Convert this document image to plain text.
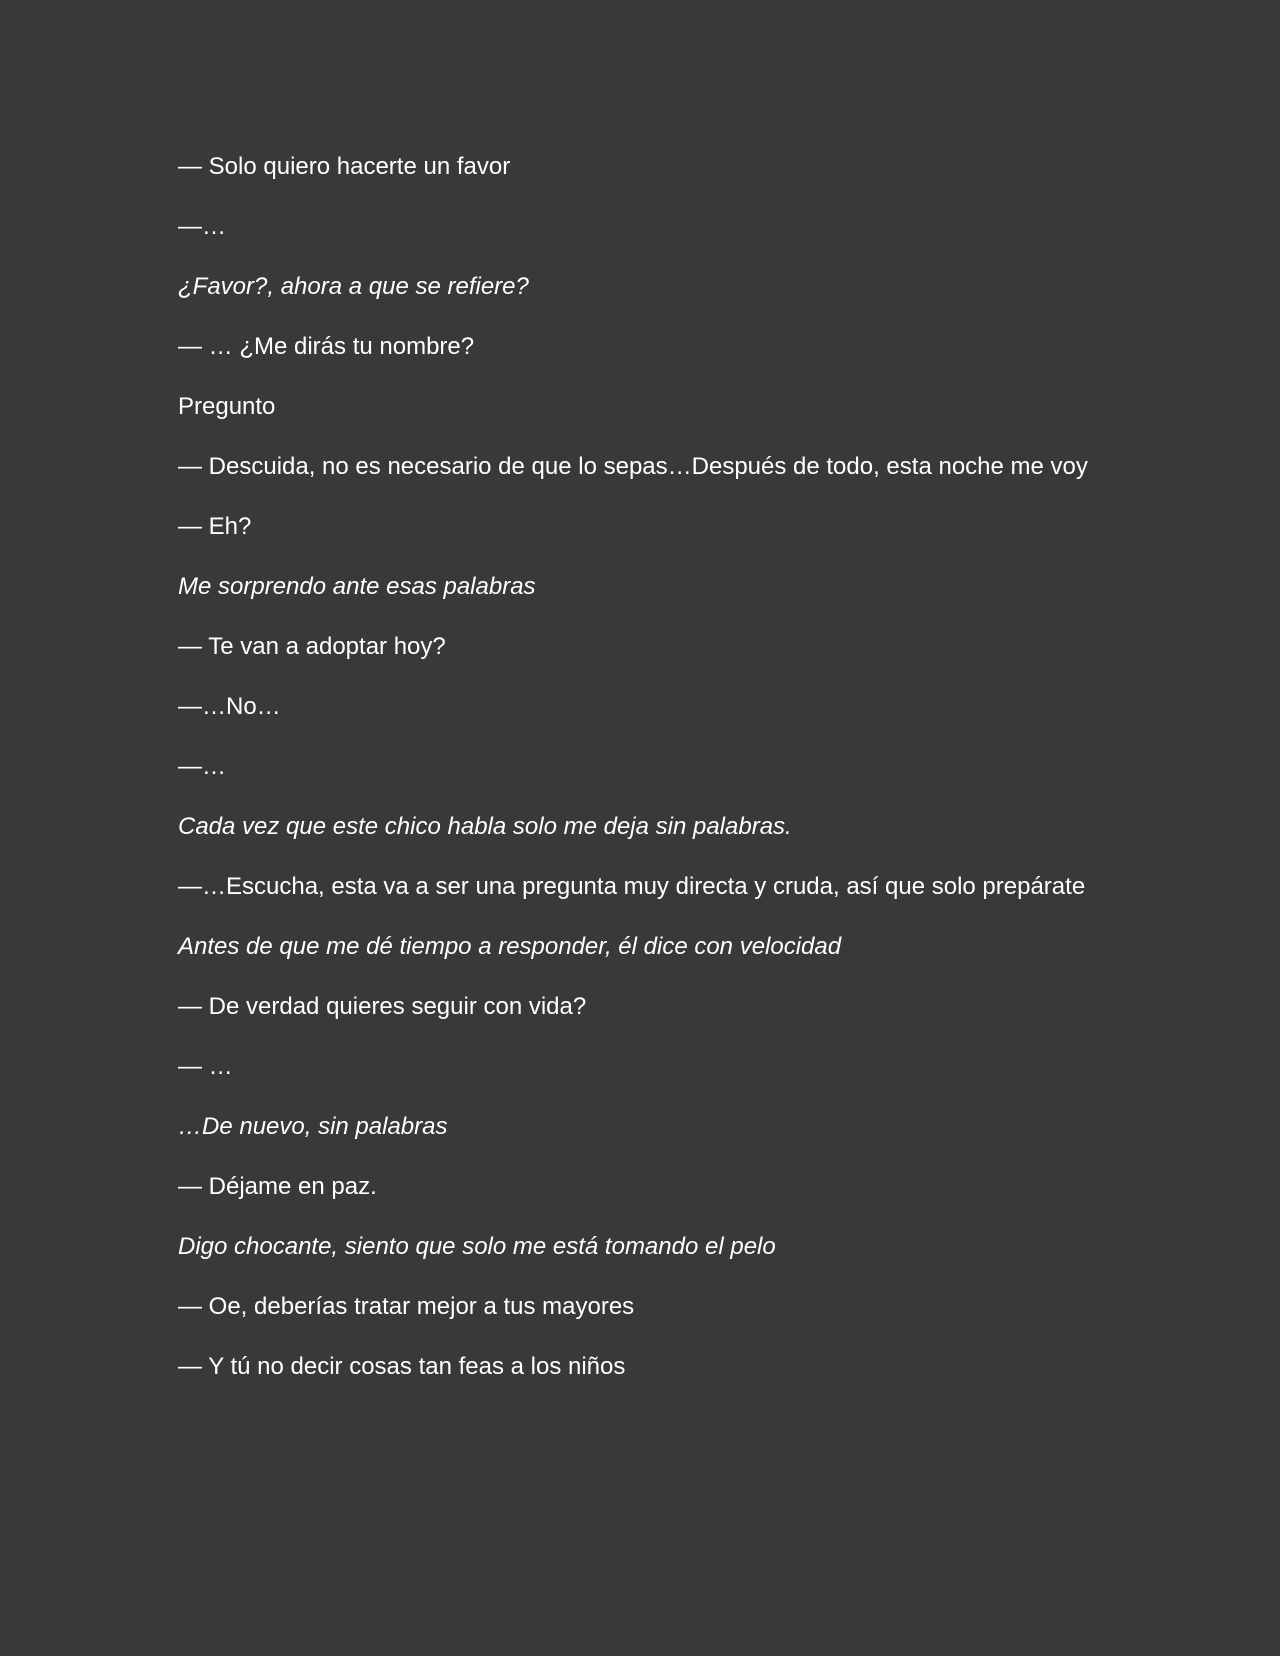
— Solo quiero hacerte un favor

—…

¿Favor?, ahora a que se refiere?

— … ¿Me dirás tu nombre?

Pregunto

— Descuida, no es necesario de que lo sepas…Después de todo, esta noche me voy

— Eh?

Me sorprendo ante esas palabras

— Te van a adoptar hoy?

—…No…

—…

Cada vez que este chico habla solo me deja sin palabras.

—…Escucha, esta va a ser una pregunta muy directa y cruda, así que solo prepárate

Antes de que me dé tiempo a responder, él dice con velocidad

— De verdad quieres seguir con vida?

— …

…De nuevo, sin palabras

— Déjame en paz.

Digo chocante, siento que solo me está tomando el pelo

— Oe, deberías tratar mejor a tus mayores

— Y tú no decir cosas tan feas a los niños
